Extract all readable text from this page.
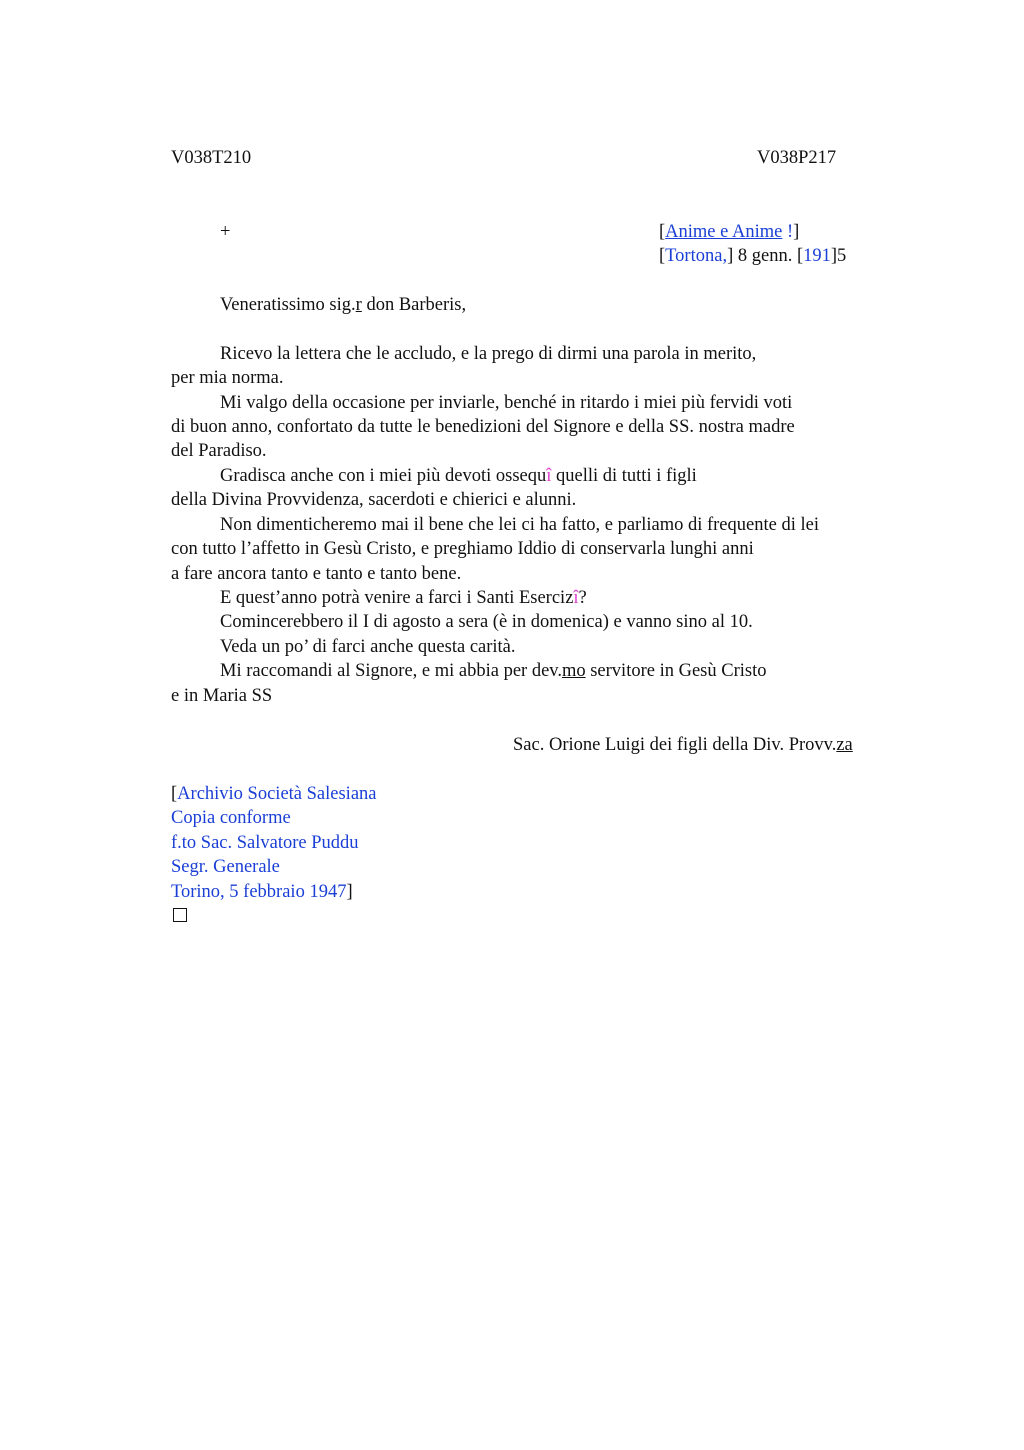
V038T210	V038P217
+	[Anime e Anime !]
[Tortona,] 8 genn. [191]5
Veneratissimo sig.r don Barberis,
Ricevo la lettera che le accludo, e la prego di dirmi una parola in merito,
per mia norma.
Mi valgo della occasione per inviarle, benché in ritardo i miei più fervidi voti
di buon anno, confortato da tutte le benedizioni del Signore e della SS. nostra madre
del Paradiso.
Gradisca anche con i miei più devoti ossequî quelli di tutti i figli
della Divina Provvidenza, sacerdoti e chierici e alunni.
Non dimenticheremo mai il bene che lei ci ha fatto, e parliamo di frequente di lei
con tutto l’affetto in Gesù Cristo, e preghiamo Iddio di conservarla lunghi anni
a fare ancora tanto e tanto e tanto bene.
E quest’anno potrà venire a farci i Santi Esercizî?
Comincerebbero il I di agosto a sera (è in domenica) e vanno sino al 10.
Veda un po’ di farci anche questa carità.
Mi raccomandi al Signore, e mi abbia per dev.mo servitore in Gesù Cristo
e in Maria SS
Sac. Orione Luigi dei figli della Div. Provv.za
[Archivio Società Salesiana
Copia conforme
f.to Sac. Salvatore Puddu
Segr. Generale
Torino, 5 febbraio 1947]
